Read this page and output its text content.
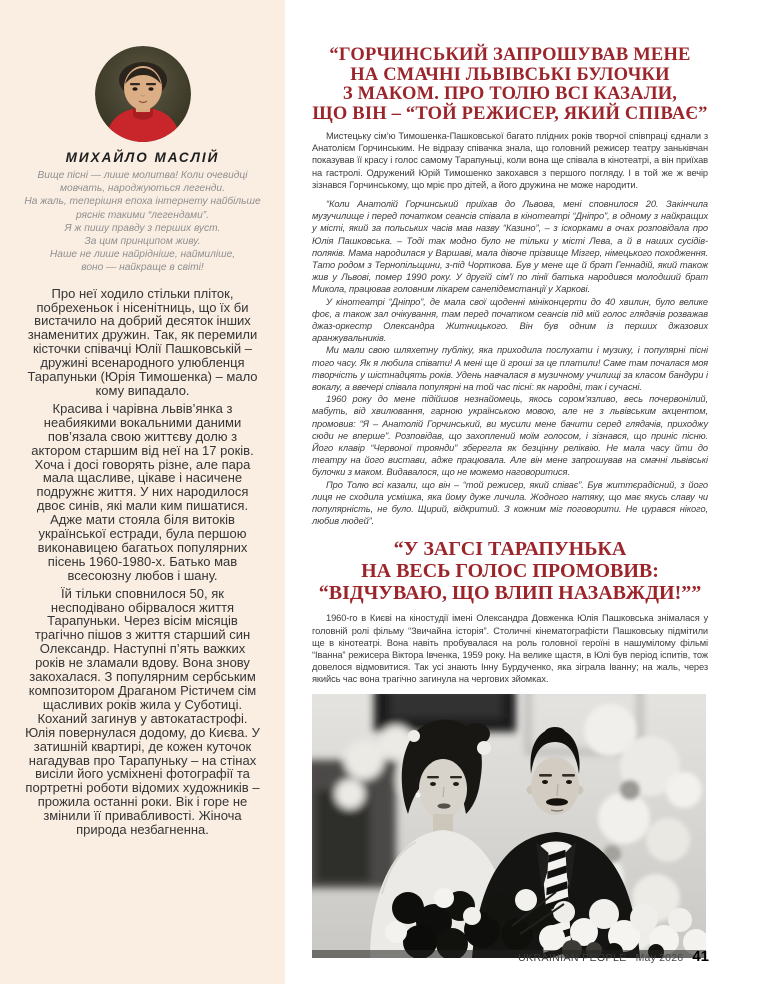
МИХАЙЛО МАСЛІЙ
Вище пісні — лише молитва! Коли очевидці
мовчать, народжуються легенди.
На жаль, теперішня епоха інтернету найбільше
рясніє такими “легендами”.
Я ж пишу правду з перших вуст.
За цим принципом живу.
Наше не лише найрідніше, наймиліше,
воно — найкраще в світі!

Про неї ходило стільки пліток, побрехеньок і нісенітниць, що їх би вистачило на добрий десяток інших знаменитих дружин. Так, як перемили кісточки співачці Юлії Пашковській – дружині всенародного улюбленця Тарапуньки (Юрія Тимошенка) – мало кому випадало.

Красива і чарівна львів’янка з неабиякими вокальними даними пов’язала свою життєву долю з актором старшим від неї на 17 років. Хоча і досі говорять різне, але пара мала щасливе, цікаве і насичене подружнє життя. У них народилося двоє синів, які мали ким пишатися. Адже мати стояла біля витоків української естради, була першою виконавицею багатьох популярних пісень 1960-1980-х. Батько мав всесоюзну любов і шану.

Їй тільки сповнилося 50, як несподівано обірвалося життя Тарапуньки. Через вісім місяців трагічно пішов з життя старший син Олександр. Наступні п’ять важких років не зламали вдову. Вона знову закохалася. З популярним сербським композитором Драганом Рістичем сім щасливих років жила у Суботиці. Коханий загинув у автокатастрофі. Юлія повернулася додому, до Києва. У затишній квартирі, де кожен куточок нагадував про Тарапуньку – на стінах висіли його усміхнені фотографії та портретні роботи відомих художників – прожила останні роки. Вік і горе не змінили її привабливості. Жіноча природа незбагненна.

“ГОРЧИНСЬКИЙ ЗАПРОШУВАВ МЕНЕ
НА СМАЧНІ ЛЬВІВСЬКІ БУЛОЧКИ
З МАКОМ. ПРО ТОЛЮ ВСІ КАЗАЛИ,
ЩО ВІН – “ТОЙ РЕЖИСЕР, ЯКИЙ СПІВАЄ”

Мистецьку сім’ю Тимошенка-Пашковської багато плідних років творчої співпраці єднали з Анатолієм Горчинським. Не відразу співачка знала, що головний режисер театру заньківчан показував її красу і голос самому Тарапуньці, коли вона ще співала в кінотеатрі, а він приїхав на гастролі. Одружений Юрій Тимошенко закохався з першого погляду. І в той же ж вечір зізнався Горчинському, що мріє про дітей, а його дружина не може народити.

“Коли Анатолій Горчинський приїхав до Львова, мені сповнилося 20. Закінчила музучилище і перед початком сеансів співала в кінотеатрі “Дніпро”, в одному з найкращих у місті, який за польських часів мав назву “Казино”, – з іскорками в очах розповідала про Юлія Пашковська. – Тоді так модно було не тільки у місті Лева, а й в наших сусідів-поляків. Мама народилася у Варшаві, мала дівоче прізвище Мізгер, німецького походження. Тато родом з Тернопільщини, з-під Чорткова. Був у мене ще й брат Геннадій, який також жив у Львові, помер 1990 року. У другій сім’ї по лінії батька народився молодший брат Микола, працював головним лікарем санепідемстанції у Харкові.

У кінотеатрі “Дніпро”, де мала свої щоденні мініконцерти до 40 хвилин, було велике фоє, а також зал очікування, там перед початком сеансів під мій голос глядачів розважав джаз-оркестр Олександра Житницького. Він був одним із перших джазових аранжувальників.

Ми мали свою шляхетну публіку, яка приходила послухати і музику, і популярні пісні того часу. Як я любила співати! А мені ще й гроші за це платили! Саме там почалася моя творчість у шістнадцять років. Удень навчалася в музичному училищі за класом бандури і вокалу, а ввечері співала популярні на той час пісні: як народні, так і сучасні.

1960 року до мене підійшов незнайомець, якось сором’язливо, весь почервонілий, мабуть, від хвилювання, гарною українською мовою, але не з львівським акцентом, промовив: “Я – Анатолій Горчинський, ви мусили мене бачити серед глядачів, приходжу сюди не вперше”. Розповідав, що захоплений моїм голосом, і зізнався, що приніс пісню. Його клавір “Червоної троянди” зберегла як безцінну реліквію. Не мала часу йти до театру на його вистави, адже працювала. Але він мене запрошував на смачні львівські булочки з маком. Видавалося, що не можемо наговоритися.

Про Толю всі казали, що він – “той режисер, який співає”. Був життєрадісний, з його лиця не сходила усмішка, яка йому дуже личила. Жодного натяку, що має якусь славу чи популярність, не було. Щирий, відкритий. З кожним міг поговорити. Не цурався нікого, любив людей”.

“У ЗАГСІ ТАРАПУНЬКА
НА ВЕСЬ ГОЛОС ПРОМОВИВ:
“ВІДЧУВАЮ, ЩО ВЛИП НАЗАВЖДИ!””

1960-го в Києві на кіностудії імені Олександра Довженка Юлія Пашковська знімалася у головній ролі фільму “Звичайна історія”. Столичні кінематографісти Пашковську підмітили ще в кінотеатрі. Вона навіть пробувалася на роль головної героїні в нашумілому фільмі “Іванна” режисера Віктора Івченка, 1959 року. На велике щастя, в Юлі був період іспитів, тож довелося відмовитися. Так усі знають Інну Бурдученко, яка зіграла Іванну; на жаль, через якийсь час вона трагічно загинула на чергових зйомках.

UKRAINIAN PEOPLE May 2026 41
